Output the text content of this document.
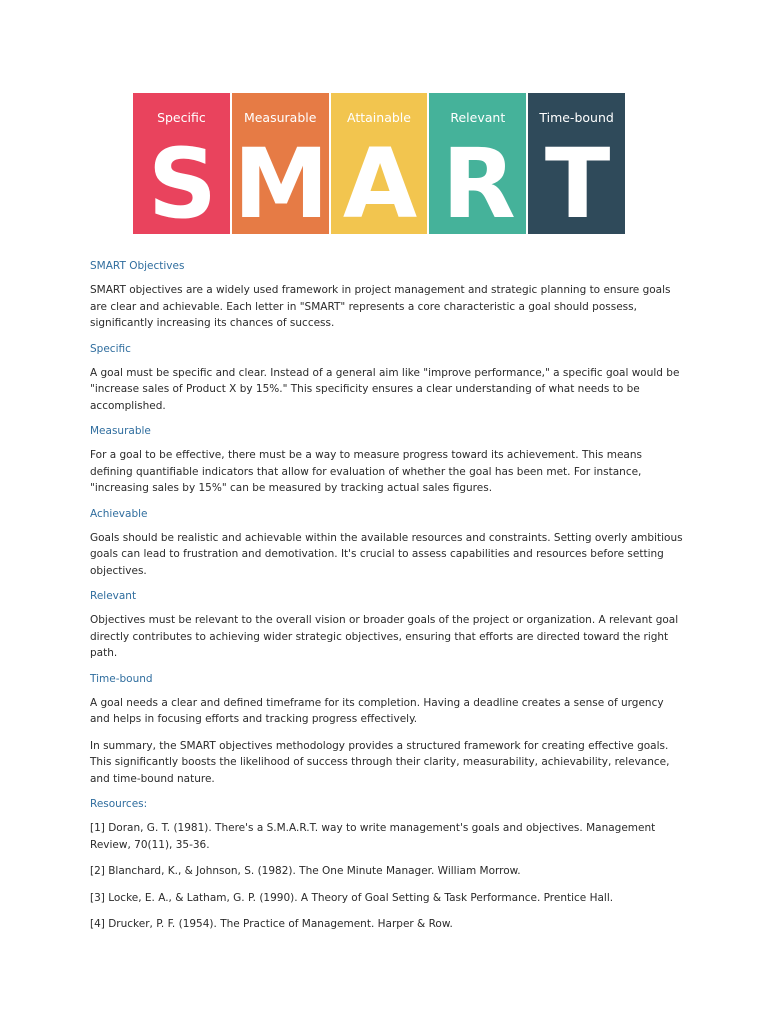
Specific
S
Measurable
M
Attainable
A
Relevant
R
Time-bound
T
SMART Objectives
SMART objectives are a widely used framework in project management and strategic planning to ensure goals are clear and achievable. Each letter in "SMART" represents a core characteristic a goal should possess, significantly increasing its chances of success.
Specific
A goal must be specific and clear. Instead of a general aim like "improve performance," a specific goal would be "increase sales of Product X by 15%." This specificity ensures a clear understanding of what needs to be accomplished.
Measurable
For a goal to be effective, there must be a way to measure progress toward its achievement. This means defining quantifiable indicators that allow for evaluation of whether the goal has been met. For instance, "increasing sales by 15%" can be measured by tracking actual sales figures.
Achievable
Goals should be realistic and achievable within the available resources and constraints. Setting overly ambitious goals can lead to frustration and demotivation. It's crucial to assess capabilities and resources before setting objectives.
Relevant
Objectives must be relevant to the overall vision or broader goals of the project or organization. A relevant goal directly contributes to achieving wider strategic objectives, ensuring that efforts are directed toward the right path.
Time-bound
A goal needs a clear and defined timeframe for its completion. Having a deadline creates a sense of urgency and helps in focusing efforts and tracking progress effectively.
In summary, the SMART objectives methodology provides a structured framework for creating effective goals. This significantly boosts the likelihood of success through their clarity, measurability, achievability, relevance, and time-bound nature.
Resources:
[1] Doran, G. T. (1981). There's a S.M.A.R.T. way to write management's goals and objectives. Management Review, 70(11), 35-36.
[2] Blanchard, K., & Johnson, S. (1982). The One Minute Manager. William Morrow.
[3] Locke, E. A., & Latham, G. P. (1990). A Theory of Goal Setting & Task Performance. Prentice Hall.
[4] Drucker, P. F. (1954). The Practice of Management. Harper & Row.
